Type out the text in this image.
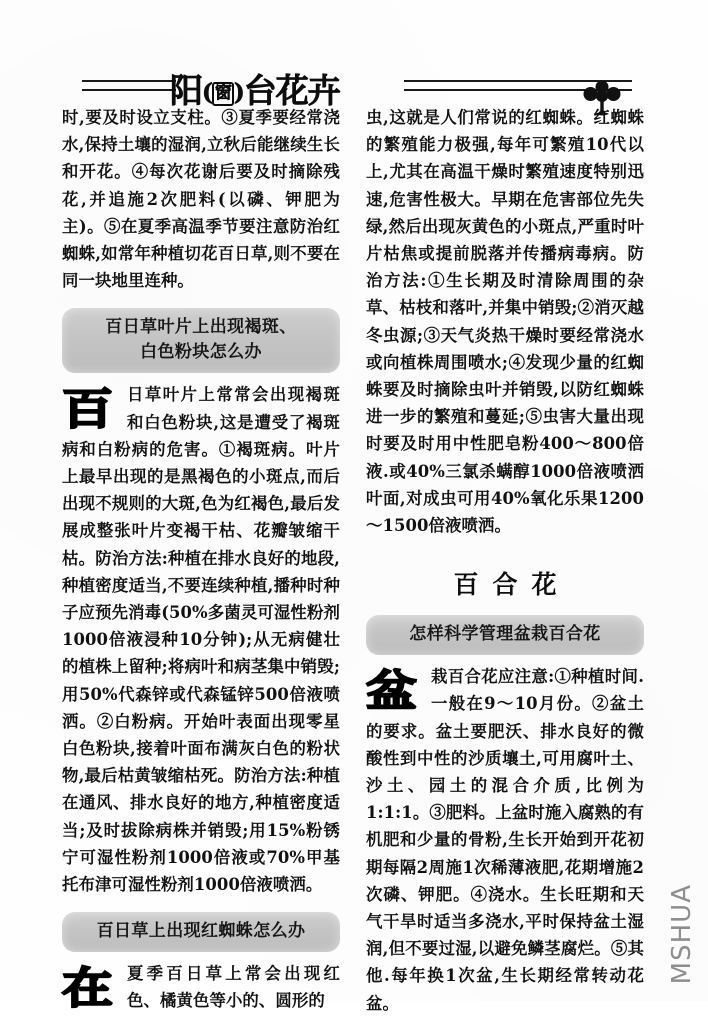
阳( 窗 )台花卉

时,要及时设立支柱。③夏季要经常浇水,保持土壤的湿润,立秋后能继续生长和开花。④每次花谢后要及时摘除残花,并追施2次肥料(以磷、钾肥为主)。⑤在夏季高温季节要注意防治红蜘蛛,如常年种植切花百日草,则不要在同一块地里连种。

百日草叶片上出现褐斑、
白色粉块怎么办

百日草叶片上常常会出现褐斑和白色粉块,这是遭受了褐斑病和白粉病的危害。①褐斑病。叶片上最早出现的是黑褐色的小斑点,而后出现不规则的大斑,色为红褐色,最后发展成整张叶片变褐干枯、花瓣皱缩干枯。防治方法:种植在排水良好的地段,种植密度适当,不要连续种植,播种时种子应预先消毒(50%多菌灵可湿性粉剂1000倍液浸种10分钟);从无病健壮的植株上留种;将病叶和病茎集中销毁;用50%代森锌或代森锰锌500倍液喷洒。②白粉病。开始叶表面出现零星白色粉块,接着叶面布满灰白色的粉状物,最后枯黄皱缩枯死。防治方法:种植在通风、排水良好的地方,种植密度适当;及时拔除病株并销毁;用15%粉锈宁可湿性粉剂1000倍液或70%甲基托布津可湿性粉剂1000倍液喷洒。

百日草上出现红蜘蛛怎么办

在夏季百日草上常会出现红色、橘黄色等小的、圆形的

虫,这就是人们常说的红蜘蛛。红蜘蛛的繁殖能力极强,每年可繁殖10代以上,尤其在高温干燥时繁殖速度特别迅速,危害性极大。早期在危害部位先失绿,然后出现灰黄色的小斑点,严重时叶片枯焦或提前脱落并传播病毒病。防治方法:①生长期及时清除周围的杂草、枯枝和落叶,并集中销毁;②消灭越冬虫源;③天气炎热干燥时要经常浇水或向植株周围喷水;④发现少量的红蜘蛛要及时摘除虫叶并销毁,以防红蜘蛛进一步的繁殖和蔓延;⑤虫害大量出现时要及时用中性肥皂粉400～800倍液.或40%三氯杀螨醇1000倍液喷洒叶面,对成虫可用40%氧化乐果1200～1500倍液喷洒。

百合花
怎样科学管理盆栽百合花

盆栽百合花应注意:①种植时间.一般在9～10月份。②盆土的要求。盆土要肥沃、排水良好的微酸性到中性的沙质壤土,可用腐叶土、沙土、园土的混合介质,比例为1:1:1。③肥料。上盆时施入腐熟的有机肥和少量的骨粉,生长开始到开花初期每隔2周施1次稀薄液肥,花期增施2次磷、钾肥。④浇水。生长旺期和天气干旱时适当多浇水,平时保持盆土湿润,但不要过湿,以避免鳞茎腐烂。⑤其他.每年换1次盆,生长期经常转动花盆。

MSHUA
